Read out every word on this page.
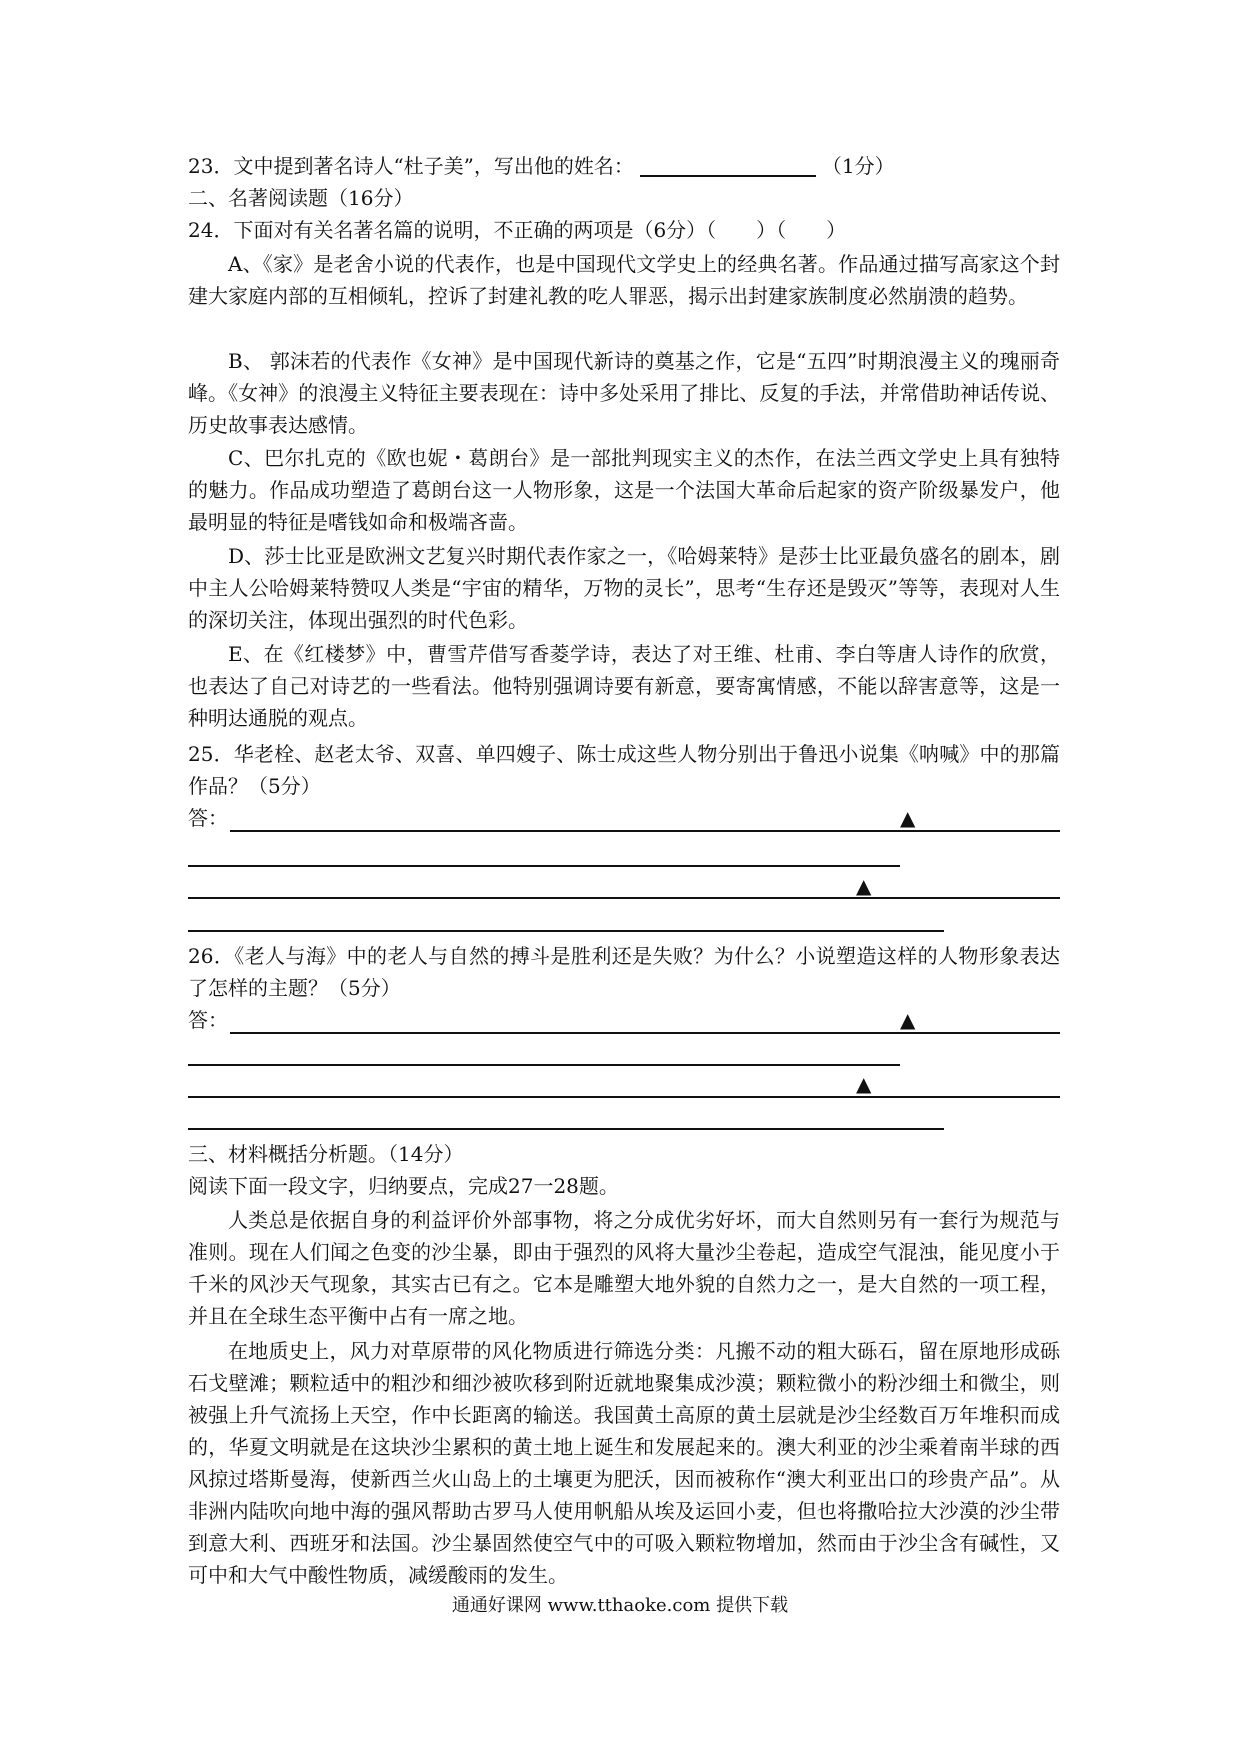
23．文中提到著名诗人“杜子美”，写出他的姓名：	（1分）
二、名著阅读题（16分）
24．下面对有关名著名篇的说明，不正确的两项是（6分）（　　）（　　）
A、《家》是老舍小说的代表作，也是中国现代文学史上的经典名著。作品通过描写高家这个封建大家庭内部的互相倾轧，控诉了封建礼教的吃人罪恶，揭示出封建家族制度必然崩溃的趋势。
B、 郭沫若的代表作《女神》是中国现代新诗的奠基之作，它是“五四”时期浪漫主义的瑰丽奇峰。《女神》的浪漫主义特征主要表现在：诗中多处采用了排比、反复的手法，并常借助神话传说、历史故事表达感情。
C、巴尔扎克的《欧也妮・葛朗台》是一部批判现实主义的杰作，在法兰西文学史上具有独特的魅力。作品成功塑造了葛朗台这一人物形象，这是一个法国大革命后起家的资产阶级暴发户，他最明显的特征是嗜钱如命和极端吝啬。
D、莎士比亚是欧洲文艺复兴时期代表作家之一，《哈姆莱特》是莎士比亚最负盛名的剧本，剧中主人公哈姆莱特赞叹人类是“宇宙的精华，万物的灵长”，思考“生存还是毁灭”等等，表现对人生的深切关注，体现出强烈的时代色彩。
E、在《红楼梦》中，曹雪芹借写香菱学诗，表达了对王维、杜甫、李白等唐人诗作的欣赏，也表达了自己对诗艺的一些看法。他特别强调诗要有新意，要寄寓情感，不能以辞害意等，这是一种明达通脱的观点。
25．华老栓、赵老太爷、双喜、单四嫂子、陈士成这些人物分别出于鲁迅小说集《呐喊》中的那篇作品？（5分）
答：	▲
▲
26．《老人与海》中的老人与自然的搏斗是胜利还是失败？为什么？小说塑造这样的人物形象表达了怎样的主题？（5分）
答：	▲
▲
三、材料概括分析题。（14分）
阅读下面一段文字，归纳要点，完成27一28题。
人类总是依据自身的利益评价外部事物，将之分成优劣好坏，而大自然则另有一套行为规范与准则。现在人们闻之色变的沙尘暴，即由于强烈的风将大量沙尘卷起，造成空气混浊，能见度小于千米的风沙天气现象，其实古已有之。它本是雕塑大地外貌的自然力之一，是大自然的一项工程，并且在全球生态平衡中占有一席之地。
在地质史上，风力对草原带的风化物质进行筛选分类：凡搬不动的粗大砾石，留在原地形成砾石戈壁滩；颗粒适中的粗沙和细沙被吹移到附近就地聚集成沙漠；颗粒微小的粉沙细土和微尘，则被强上升气流扬上天空，作中长距离的输送。我国黄土高原的黄土层就是沙尘经数百万年堆积而成的，华夏文明就是在这块沙尘累积的黄土地上诞生和发展起来的。澳大利亚的沙尘乘着南半球的西风掠过塔斯曼海，使新西兰火山岛上的土壤更为肥沃，因而被称作“澳大利亚出口的珍贵产品”。从非洲内陆吹向地中海的强风帮助古罗马人使用帆船从埃及运回小麦，但也将撒哈拉大沙漠的沙尘带到意大利、西班牙和法国。沙尘暴固然使空气中的可吸入颗粒物增加，然而由于沙尘含有碱性，又可中和大气中酸性物质，减缓酸雨的发生。
通通好课网 www.tthaoke.com 提供下载
